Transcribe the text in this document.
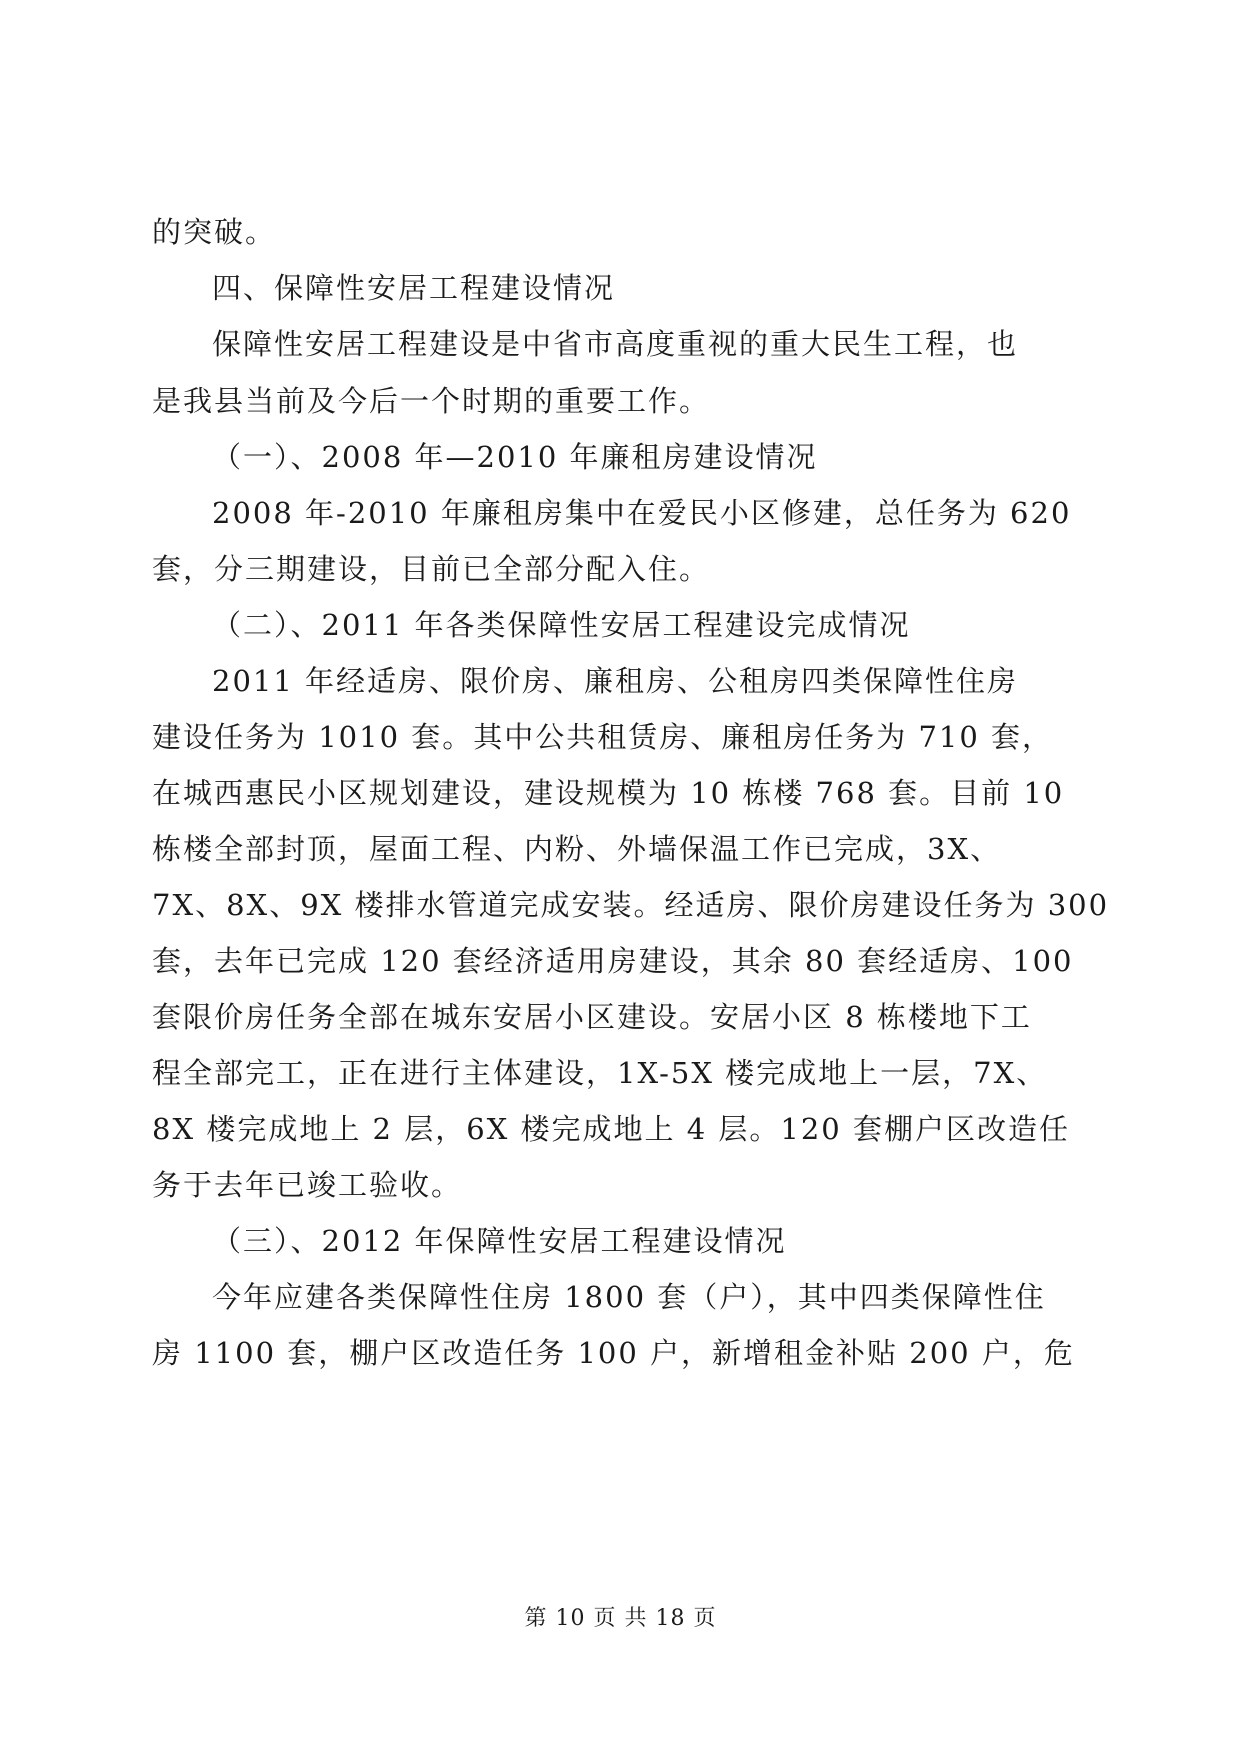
的突破。
四、保障性安居工程建设情况
保障性安居工程建设是中省市高度重视的重大民生工程，也
是我县当前及今后一个时期的重要工作。
（一）、2008 年—2010 年廉租房建设情况
2008 年-2010 年廉租房集中在爱民小区修建，总任务为 620
套，分三期建设，目前已全部分配入住。
（二）、2011 年各类保障性安居工程建设完成情况
2011 年经适房、限价房、廉租房、公租房四类保障性住房
建设任务为 1010 套。其中公共租赁房、廉租房任务为 710 套，
在城西惠民小区规划建设，建设规模为 10 栋楼 768 套。目前 10
栋楼全部封顶，屋面工程、内粉、外墙保温工作已完成，3X、
7X、8X、9X 楼排水管道完成安装。经适房、限价房建设任务为 300
套，去年已完成 120 套经济适用房建设，其余 80 套经适房、100
套限价房任务全部在城东安居小区建设。安居小区 8 栋楼地下工
程全部完工，正在进行主体建设，1X-5X 楼完成地上一层，7X、
8X 楼完成地上 2 层，6X 楼完成地上 4 层。120 套棚户区改造任
务于去年已竣工验收。
（三）、2012 年保障性安居工程建设情况
今年应建各类保障性住房 1800 套（户），其中四类保障性住
房 1100 套，棚户区改造任务 100 户，新增租金补贴 200 户，危
第 10 页 共 18 页
